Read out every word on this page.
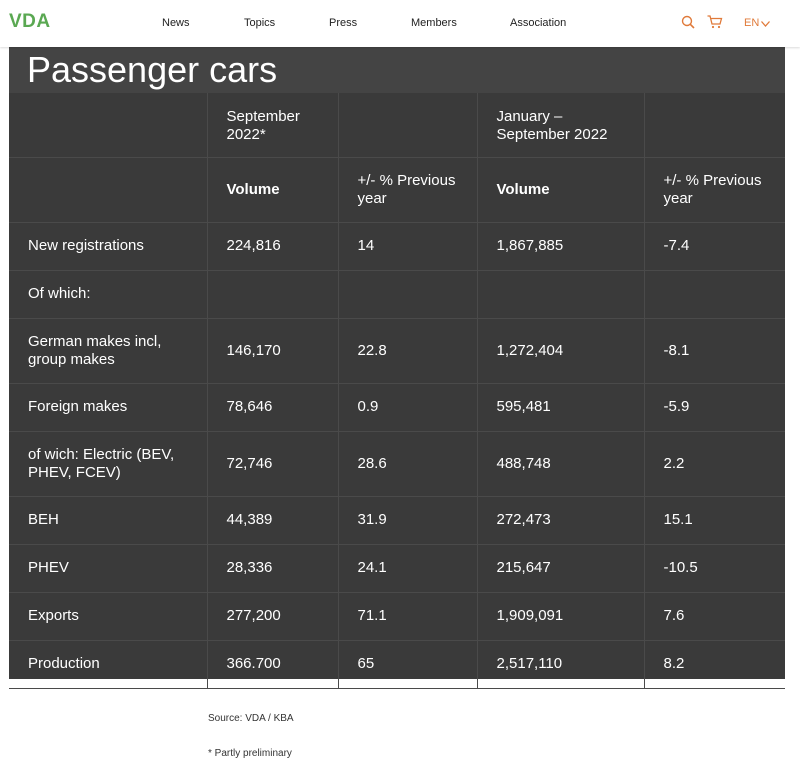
VDA	News	Topics	Press	Members	Association	EN
Passenger cars
	September 2022*		January – September 2022	
	Volume	+/- % Previous year	Volume	+/- % Previous year
New registrations	224,816	14	1,867,885	-7.4
Of which:				
German makes incl, group makes	146,170	22.8	1,272,404	-8.1
Foreign makes	78,646	0.9	595,481	-5.9
of wich: Electric (BEV, PHEV, FCEV)	72,746	28.6	488,748	2.2
BEH	44,389	31.9	272,473	15.1
PHEV	28,336	24.1	215,647	-10.5
Exports	277,200	71.1	1,909,091	7.6
Production	366.700	65	2,517,110	8.2
Source: VDA / KBA
* Partly preliminary
